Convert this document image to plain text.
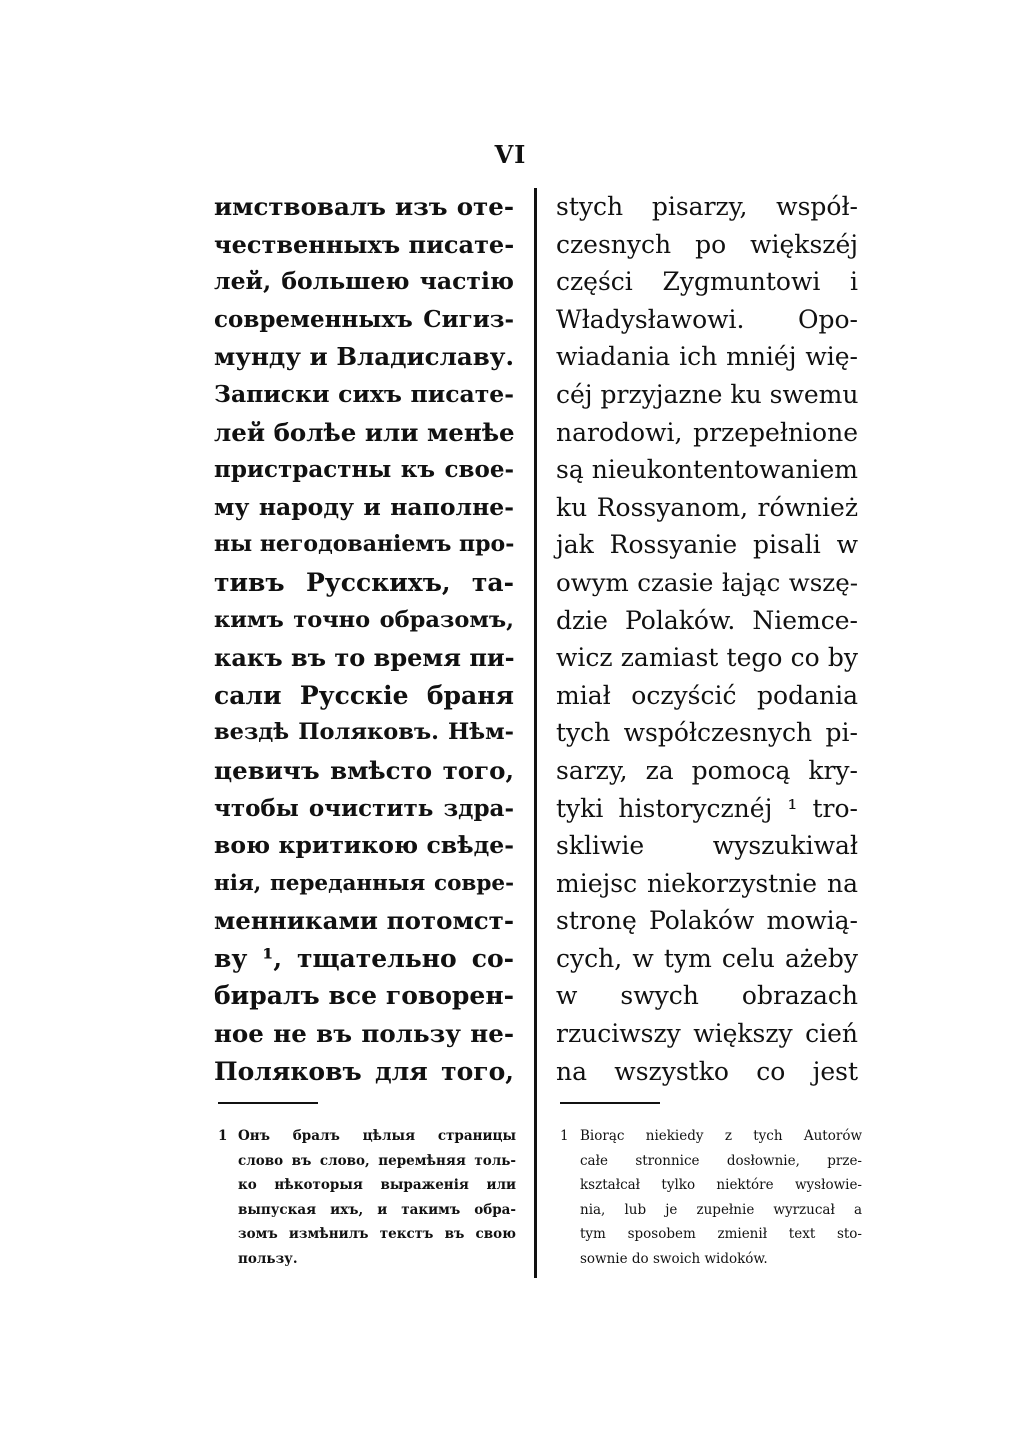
VI
имствовалъ изъ оте-
чественныхъ писате-
лей, большею частію
современныхъ Сигиз-
мунду и Владиславу.
Записки сихъ писате-
лей болѣе или менѣе
пристрастны къ свое-
му народу и наполне-
ны негодованіемъ про-
тивъ Русскихъ, та-
кимъ точно образомъ,
какъ въ то время пи-
сали Русскіе браня
вездѣ Поляковъ. Нѣм-
цевичъ вмѣсто того,
чтобы очистить здра-
вою критикою свѣде-
нія, переданныя совре-
менниками потомст-
ву ¹, тщательно со-
биралъ все говорен-
ное не въ пользу не-
Поляковъ для того,
stych pisarzy, współ-
czesnych po większéj
części Zygmuntowi i
Władysławowi. Opo-
wiadania ich mniéj wię-
céj przyjazne ku swemu
narodowi, przepełnione
są nieukontentowaniem
ku Rossyanom, również
jak Rossyanie pisali w
owym czasie łając wszę-
dzie Polaków. Niemce-
wicz zamiast tego co by
miał oczyścić podania
tych współczesnych pi-
sarzy, za pomocą kry-
tyki historycznéj ¹ tro-
skliwie wyszukiwał
miejsc niekorzystnie na
stronę Polaków mowią-
cych, w tym celu ażeby
w swych obrazach
rzuciwszy większy cień
na wszystko co jest
1 Онъ бралъ цѣлыя страницы
слово въ слово, перемѣняя толь-
ко нѣкоторыя выраженія или
выпуская ихъ, и такимъ обра-
зомъ измѣнилъ текстъ въ свою
пользу.
1 Biorąc niekiedy z tych Autorów
całe stronnice dosłownie, prze-
kształcał tylko niektóre wysłowie-
nia, lub je zupełnie wyrzucał a
tym sposobem zmienił text sto-
sownie do swoich widoków.
